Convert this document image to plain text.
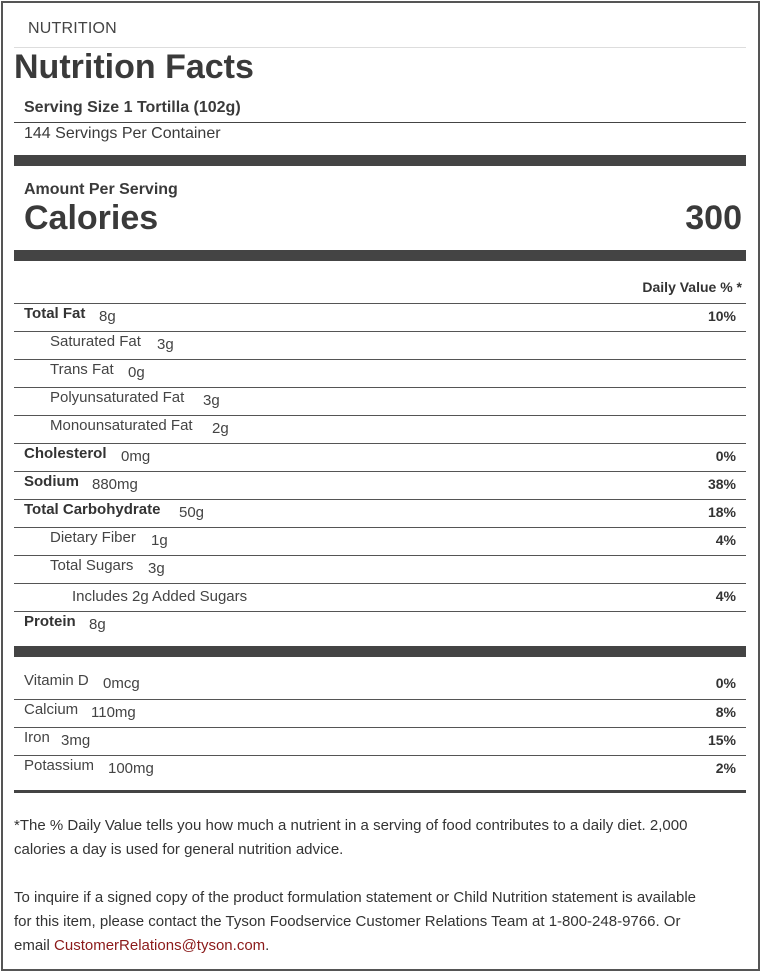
NUTRITION
Nutrition Facts
Serving Size 1 Tortilla (102g)
144 Servings Per Container
Amount Per Serving
Calories	300
Daily Value % *
Total Fat 8g	10%
Saturated Fat 3g
Trans Fat 0g
Polyunsaturated Fat 3g
Monounsaturated Fat 2g
Cholesterol 0mg	0%
Sodium 880mg	38%
Total Carbohydrate 50g	18%
Dietary Fiber 1g	4%
Total Sugars 3g
Includes 2g Added Sugars	4%
Protein 8g
Vitamin D 0mcg	0%
Calcium 110mg	8%
Iron 3mg	15%
Potassium 100mg	2%
*The % Daily Value tells you how much a nutrient in a serving of food contributes to a daily diet. 2,000
calories a day is used for general nutrition advice.
To inquire if a signed copy of the product formulation statement or Child Nutrition statement is available
for this item, please contact the Tyson Foodservice Customer Relations Team at 1-800-248-9766. Or
email CustomerRelations@tyson.com.
